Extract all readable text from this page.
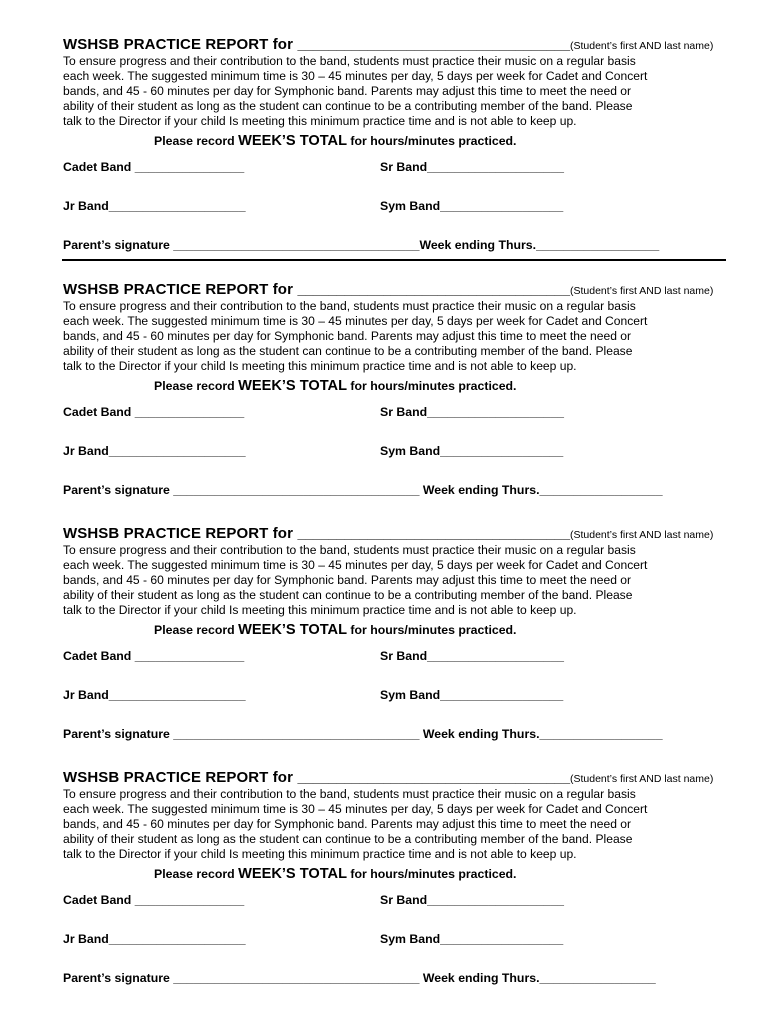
WSHSB PRACTICE REPORT for ___________________________________(Student’s first AND last name)
To ensure progress and their contribution to the band, students must practice their music on a regular basis
each week. The suggested minimum time is 30 – 45 minutes per day, 5 days per week for Cadet and Concert
bands, and 45 - 60 minutes per day for Symphonic band. Parents may adjust this time to meet the need or
ability of their student as long as the student can continue to be a contributing member of the band. Please
talk to the Director if your child Is meeting this minimum practice time and is not able to keep up.
Please record WEEK’S TOTAL for hours/minutes practiced.
Cadet Band ________________	Sr Band____________________
Jr Band____________________	Sym Band__________________
Parent’s signature ____________________________________Week ending Thurs.__________________
WSHSB PRACTICE REPORT for ___________________________________(Student’s first AND last name)
To ensure progress and their contribution to the band, students must practice their music on a regular basis
each week. The suggested minimum time is 30 – 45 minutes per day, 5 days per week for Cadet and Concert
bands, and 45 - 60 minutes per day for Symphonic band. Parents may adjust this time to meet the need or
ability of their student as long as the student can continue to be a contributing member of the band. Please
talk to the Director if your child Is meeting this minimum practice time and is not able to keep up.
Please record WEEK’S TOTAL for hours/minutes practiced.
Cadet Band ________________	Sr Band____________________
Jr Band____________________	Sym Band__________________
Parent’s signature ____________________________________ Week ending Thurs.__________________
WSHSB PRACTICE REPORT for ___________________________________(Student’s first AND last name)
To ensure progress and their contribution to the band, students must practice their music on a regular basis
each week. The suggested minimum time is 30 – 45 minutes per day, 5 days per week for Cadet and Concert
bands, and 45 - 60 minutes per day for Symphonic band. Parents may adjust this time to meet the need or
ability of their student as long as the student can continue to be a contributing member of the band. Please
talk to the Director if your child Is meeting this minimum practice time and is not able to keep up.
Please record WEEK’S TOTAL for hours/minutes practiced.
Cadet Band ________________	Sr Band____________________
Jr Band____________________	Sym Band__________________
Parent’s signature ____________________________________ Week ending Thurs.__________________
WSHSB PRACTICE REPORT for ___________________________________(Student’s first AND last name)
To ensure progress and their contribution to the band, students must practice their music on a regular basis
each week. The suggested minimum time is 30 – 45 minutes per day, 5 days per week for Cadet and Concert
bands, and 45 - 60 minutes per day for Symphonic band. Parents may adjust this time to meet the need or
ability of their student as long as the student can continue to be a contributing member of the band. Please
talk to the Director if your child Is meeting this minimum practice time and is not able to keep up.
Please record WEEK’S TOTAL for hours/minutes practiced.
Cadet Band ________________	Sr Band____________________
Jr Band____________________	Sym Band__________________
Parent’s signature ____________________________________ Week ending Thurs._________________
